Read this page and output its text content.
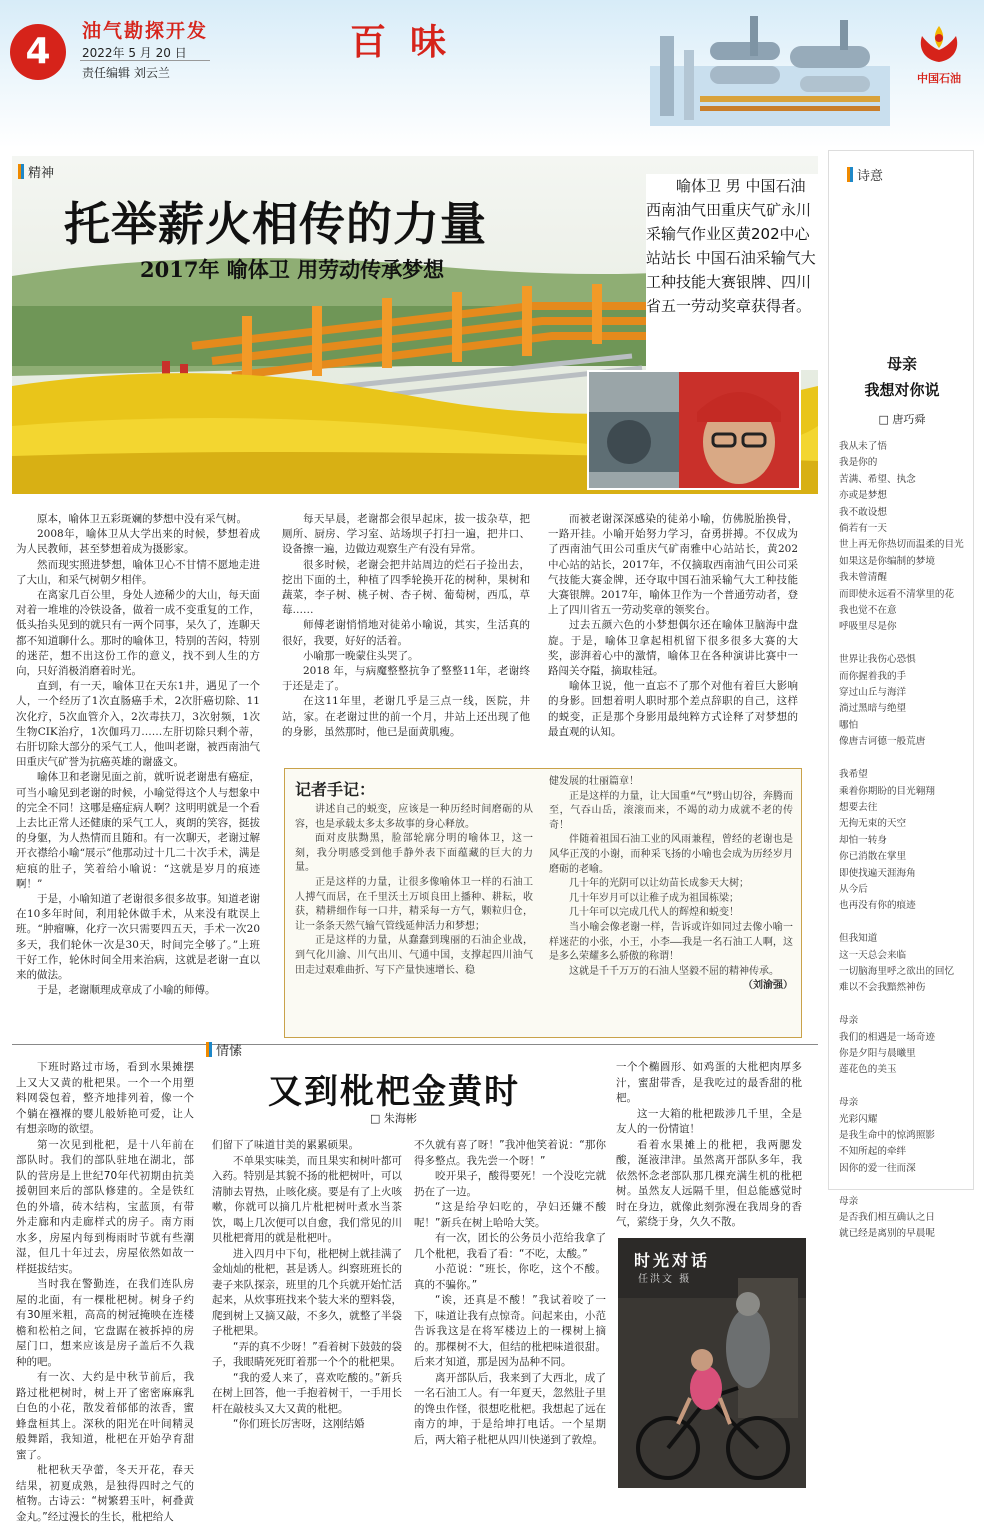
4	油气勘探开发
2022年 5 月 20 日
责任编辑 刘云兰
百味
中国石油
精神
托举薪火相传的力量
2017年 喻体卫 用劳动传承梦想
喻体卫 男 中国石油西南油气田重庆气矿永川采输气作业区黄202中心站站长 中国石油采输气大工种技能大赛银牌、四川省五一劳动奖章获得者。

原本，喻体卫五彩斑斓的梦想中没有采气树。

2008年，喻体卫从大学出来的时候，梦想着成为人民教师，甚至梦想着成为摄影家。

然而现实照进梦想，喻体卫心不甘情不愿地走进了大山，和采气树朝夕相伴。

在离家几百公里，身处人迹稀少的大山，每天面对着一堆堆的冷铁设备，做着一成不变重复的工作，低头抬头见到的就只有一两个同事，呆久了，连聊天都不知道聊什么。那时的喻体卫，特别的苦闷，特别的迷茫，想不出这份工作的意义，找不到人生的方向，只好消极消磨着时光。

直到，有一天，喻体卫在天东1井，遇见了一个人，一个经历了1次直肠癌手术，2次肝癌切除、11次化疗，5次血管介入，2次毒扶刀，3次射频，1次生物CIK治疗，1次伽玛刀……左肝切除只剩个蒂，右肝切除大部分的采气工人，他叫老谢，被西南油气田重庆气矿誉为抗癌英雄的谢盛文。

喻体卫和老谢见面之前，就听说老谢患有癌症，可当小喻见到老谢的时候，小喻觉得这个人与想象中的完全不同！这哪是癌症病人啊？这明明就是一个看上去比正常人还健康的采气工人，爽朗的笑容，挺拔的身躯，为人热情而且随和。有一次聊天，老谢过解开衣襟给小喻“展示”他那动过十几二十次手术，满是疤痕的肚子，笑着给小喻说：“这就是岁月的痕迹啊！”

于是，小喻知道了老谢很多很多故事。知道老谢在10多年时间，利用轮休做手术，从来没有耽误上班。“肿瘤嘛，化疗一次只需要四五天，手术一次20多天，我们轮休一次是30天，时间完全够了。”上班干好工作，轮休时间全用来治病，这就是老谢一直以来的做法。

于是，老谢顺理成章成了小喻的师傅。

每天早晨，老谢都会很早起床，拔一拔杂草，把厕所、厨房、学习室、站场坝子打扫一遍，把井口、设备擦一遍，边做边观察生产有没有异常。

很多时候，老谢会把井站周边的烂石子捡出去，挖出下面的土，种植了四季轮换开花的树种，果树和蔬菜，李子树、桃子树、杏子树、葡萄树，西瓜，草莓……

师傅老谢悄悄地对徒弟小喻说，其实，生活真的很好，我要，好好的活着。

小喻那一晚蒙住头哭了。

2018 年，与病魔整整抗争了整整11年，老谢终于还是走了。

在这11年里，老谢几乎是三点一线，医院，井站，家。在老谢过世的前一个月，井站上还出现了他的身影，虽然那时，他已是面黄肌瘦。

而被老谢深深感染的徒弟小喻，仿佛脱胎换骨，一路开挂。小喻开始努力学习，奋勇拼搏。不仅成为了西南油气田公司重庆气矿南雅中心站站长，黄202中心站的站长，2017年，不仅摘取西南油气田公司采气技能大赛金牌，还夺取中国石油采输气大工种技能大赛银牌。2017年，喻体卫作为一个普通劳动者，登上了四川省五一劳动奖章的领奖台。

过去五颜六色的小梦想偶尔还在喻体卫脑海中盘旋。于是，喻体卫拿起相机留下很多很多大赛的大奖，澎湃着心中的激情，喻体卫在各种演讲比赛中一路闯关夺隘，摘取桂冠。

喻体卫说，他一直忘不了那个对他有着巨大影响的身影。回想着明人职时那个差点辞职的自己，这样的蜕变，正是那个身影用最纯粹方式诠释了对梦想的最直观的认知。

记者手记：

讲述自己的蜕变，应该是一种历经时间磨砺的从容，也是承载太多太多故事的身心释放。

面对皮肤黝黑，脸部轮廓分明的喻体卫，这一刻，我分明感受到他手静外表下面蕴藏的巨大的力量。

正是这样的力量，让很多像喻体卫一样的石油工人搏气而居，在千里沃土万顷良田上播种、耕耘，收获，精耕细作每一口井，精采每一方气，颗粒归仓，让一条条天然气输气管线延伸活力和梦想；

正是这样的力量，从蠢蠢到瑰丽的石油企业战，到气化川渝、川气出川、气通中国，支撑起四川油气田走过艰难曲折、写下产量快速增长、稳

健发展的壮丽篇章！

正是这样的力量，让大国重“气”劈山切谷，奔腾而至，气吞山岳，滚滚而来，不竭的动力成就不老的传奇！

伴随着祖国石油工业的风雨兼程，曾经的老谢也是风华正茂的小谢，而种采飞扬的小喻也会成为历经岁月磨砺的老喻。

几十年的光阴可以让幼苗长成参天大树；

几十年岁月可以让稚子成为祖国栋梁；

几十年可以完成几代人的辉煌和蜕变！

当小喻会像老谢一样，告诉或许如同过去像小喻一样迷茫的小张，小王，小李——我是一名石油工人啊，这是多么荣耀多么骄傲的称谓！

这就是千千万万的石油人坚毅不屈的精神传承。

（刘渝强）
诗意
母亲
我想对你说
□ 唐巧舜
我从未了悟
我是你的
苦满、希望、执念
亦或是梦想
我不敢设想
倘若有一天
世上再无你热切而温柔的目光
如果这是你编制的梦境
我未曾清醒
而即使永远看不清掌里的花
我也觉不在意
呼吸里尽是你
世界让我伤心恐惧
而你握着我的手
穿过山丘与海洋
淌过黑暗与绝望
哪怕
像唐吉诃德一般荒唐
我希望
乘着你期盼的目光翱翔
想要去往
无拘无束的天空
却怕一转身
你已消散在掌里
即使找遍天涯海角
从今后
也再没有你的痕迹
但我知道
这一天总会来临
一切脑海里呼之欲出的回忆
难以不会我黯然神伤
母亲
我们的相遇是一场奇迹
你是夕阳与晨曦里
莲花色的美玉
母亲
光彩闪耀
是我生命中的惊鸿照影
不知所起的牵绊
因你的爱一往而深
母亲
是否我们相互确认之日
就已经是离别的早晨呢
情愫
又到枇杷金黄时
□ 朱海彬

下班时路过市场，看到水果摊摆上又大又黄的枇杷果。一个一个用塑料网袋包着，整齐地排列着，像一个个躺在襁褓的婴儿般娇艳可爱，让人有想亲吻的欲望。

第一次见到枇杷，是十八年前在部队时。我们的部队驻地在湖北，部队的营房是上世纪70年代初期由抗美援朝回来后的部队修建的。全是铁红色的外墙，砖木结构，宝蓝顶，有带外走廊和内走廊样式的房子。南方雨水多，房屋内每到梅雨时节就有些潮湿，但几十年过去，房屋依然如故一样挺拔结实。

当时我在警勤连，在我们连队房屋的北面，有一棵枇杷树。树身子约有30厘米粗，高高的树冠掩映在连楼檐和松柏之间，它盘踞在被拆掉的房屋门口，想来应该是房子盖后不久栽种的吧。

有一次、大约是中秋节前后，我路过枇杷树时，树上开了密密麻麻乳白色的小花，散发着郁郁的浓香，蜜蜂盘桓其上。深秋的阳光在叶间精灵般舞蹈，我知道，枇杷在开始孕育甜蜜了。

枇杷秋天孕蕾，冬天开花，春天结果，初夏成熟，是独得四时之气的植物。古诗云：“树繁碧玉叶，柯叠黄金丸。”经过漫长的生长，枇杷给人

们留下了味道甘美的累累硕果。

不单果实味美，而且果实和树叶都可入药。特别是其貌不扬的枇杷树叶，可以清肺去胃热，止咳化痰。要是有了上火咳嗽，你就可以摘几片枇杷树叶煮水当茶饮，喝上几次便可以自愈，我们常见的川贝枇杷膏用的就是枇杷叶。

进入四月中下旬，枇杷树上就挂满了金灿灿的枇杷，甚是诱人。纠察班班长的妻子来队探亲，班里的几个兵就开始忙活起来，从炊事班找来个装大米的塑料袋，爬到树上又摘又敲，不多久，就整了半袋子枇杷果。

“弄的真不少呀！”看着树下鼓鼓的袋子，我眼睛死死盯着那一个个的枇杷果。

“我的爱人来了，喜欢吃酸的。”新兵在树上回答，他一手抱着树干，一手用长杆在敲枝头又大又黄的枇杷。

“你们班长厉害呀，这刚结婚

不久就有喜了呀！”我冲他笑着说：“那你得多整点。我先尝一个呀！”

咬开果子，酸得要死！一个没吃完就扔在了一边。

“这是给孕妇吃的，孕妇还嫌不酸呢！”新兵在树上哈哈大笑。

有一次，团长的公务员小范给我拿了几个枇杷，我看了看：“不吃，太酸。”

小范说：“班长，你吃，这个不酸。真的不骗你。”

“诶，还真是不酸！”我试着咬了一下，味道让我有点惊奇。问起来由，小范告诉我这是在将军楼边上的一棵树上摘的。那棵树不大，但结的枇杷味道很甜。后来才知道，那是因为品种不同。

离开部队后，我来到了大西北，成了一名石油工人。有一年夏天，忽然肚子里的馋虫作怪，很想吃枇杷。我想起了远在南方的坤，于是给坤打电话。一个星期后，两大箱子枇杷从四川快递到了敦煌。

一个个椭圆形、如鸡蛋的大枇杷肉厚多汁，蜜甜带香，是我吃过的最香甜的枇杷。

这一大箱的枇杷跋涉几千里，全是友人的一份情谊！

看着水果摊上的枇杷，我两腮发酸，涎液津津。虽然离开部队多年，我依然怀念老部队那几棵充满生机的枇杷树。虽然友人远隔千里，但总能感觉时时在身边，就像此刻弥漫在我周身的香气，萦绕于身，久久不散。

时光对话
任洪文 摄
